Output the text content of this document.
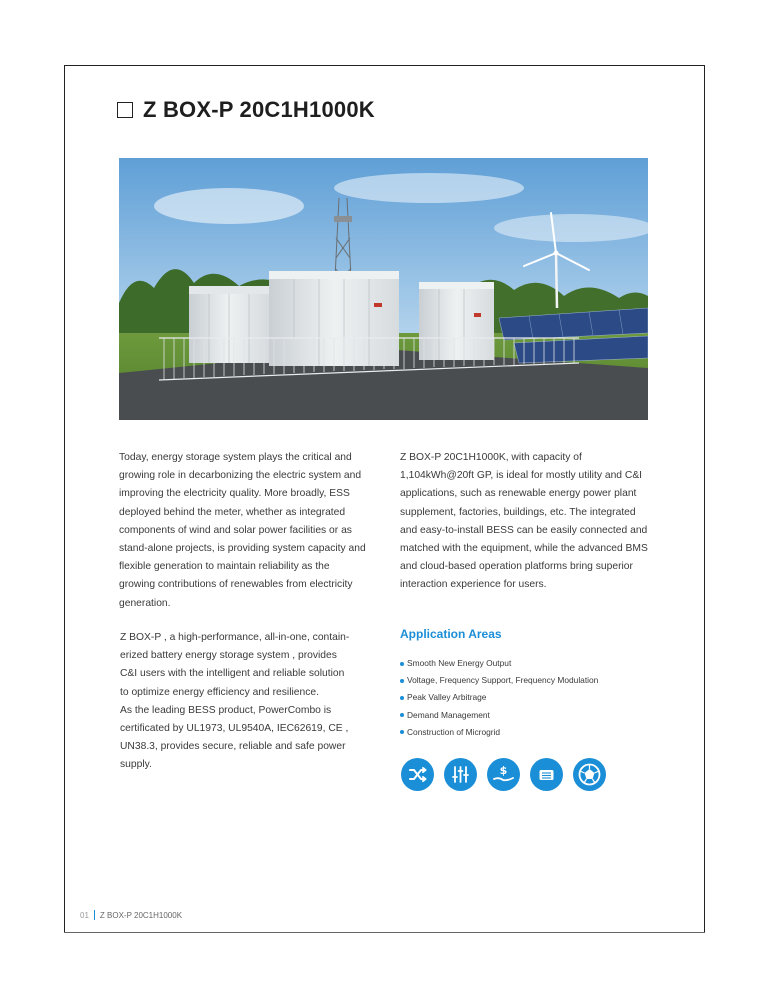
Z BOX-P 20C1H1000K

Today, energy storage system plays the critical and

growing role in decarbonizing the electric system and

improving the electricity quality. More broadly, ESS

deployed behind the meter, whether as integrated

components of wind and solar power facilities or as

stand-alone projects, is providing system capacity and

flexible generation to maintain reliability as the

growing contributions of renewables from electricity

generation.

Z BOX-P , a high-performance, all-in-one, contain-

erized battery energy storage system , provides

C&I users with the intelligent and reliable solution

to optimize energy efficiency and resilience.

As the leading BESS product, PowerCombo is

certificated by UL1973, UL9540A, IEC62619, CE ,

UN38.3, provides secure, reliable and safe power

supply.

Z BOX-P 20C1H1000K, with capacity of

1,104kWh@20ft GP, is ideal for mostly utility and C&I

applications, such as renewable energy power plant

supplement, factories, buildings, etc. The integrated

and easy-to-install BESS can be easily connected and

matched with the equipment, while the advanced BMS

and cloud-based operation platforms bring superior

interaction experience for users.

Application Areas
Smooth New Energy Output
Voltage, Frequency Support, Frequency Modulation
Peak Valley Arbitrage
Demand Management
Construction of Microgrid
$
01 Z BOX-P 20C1H1000K
